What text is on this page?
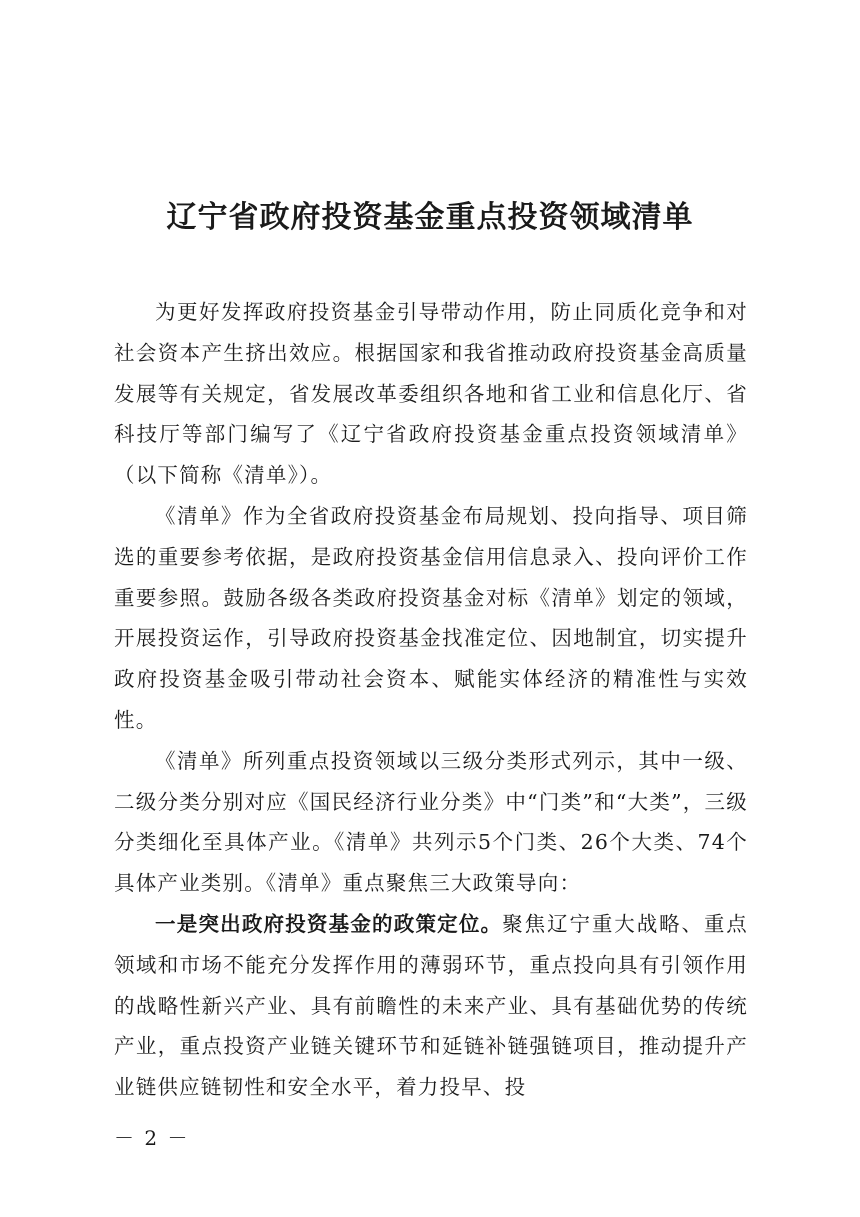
辽宁省政府投资基金重点投资领域清单

为更好发挥政府投资基金引导带动作用，防止同质化竞争和对社会资本产生挤出效应。根据国家和我省推动政府投资基金高质量发展等有关规定，省发展改革委组织各地和省工业和信息化厅、省科技厅等部门编写了《辽宁省政府投资基金重点投资领域清单》（以下简称《清单》）。

《清单》作为全省政府投资基金布局规划、投向指导、项目筛选的重要参考依据，是政府投资基金信用信息录入、投向评价工作重要参照。鼓励各级各类政府投资基金对标《清单》划定的领域，开展投资运作，引导政府投资基金找准定位、因地制宜，切实提升政府投资基金吸引带动社会资本、赋能实体经济的精准性与实效性。

《清单》所列重点投资领域以三级分类形式列示，其中一级、二级分类分别对应《国民经济行业分类》中“门类”和“大类”，三级分类细化至具体产业。《清单》共列示5个门类、26个大类、74个具体产业类别。《清单》重点聚焦三大政策导向：

一是突出政府投资基金的政策定位。聚焦辽宁重大战略、重点领域和市场不能充分发挥作用的薄弱环节，重点投向具有引领作用的战略性新兴产业、具有前瞻性的未来产业、具有基础优势的传统产业，重点投资产业链关键环节和延链补链强链项目，推动提升产业链供应链韧性和安全水平，着力投早、投

－ 2 －
